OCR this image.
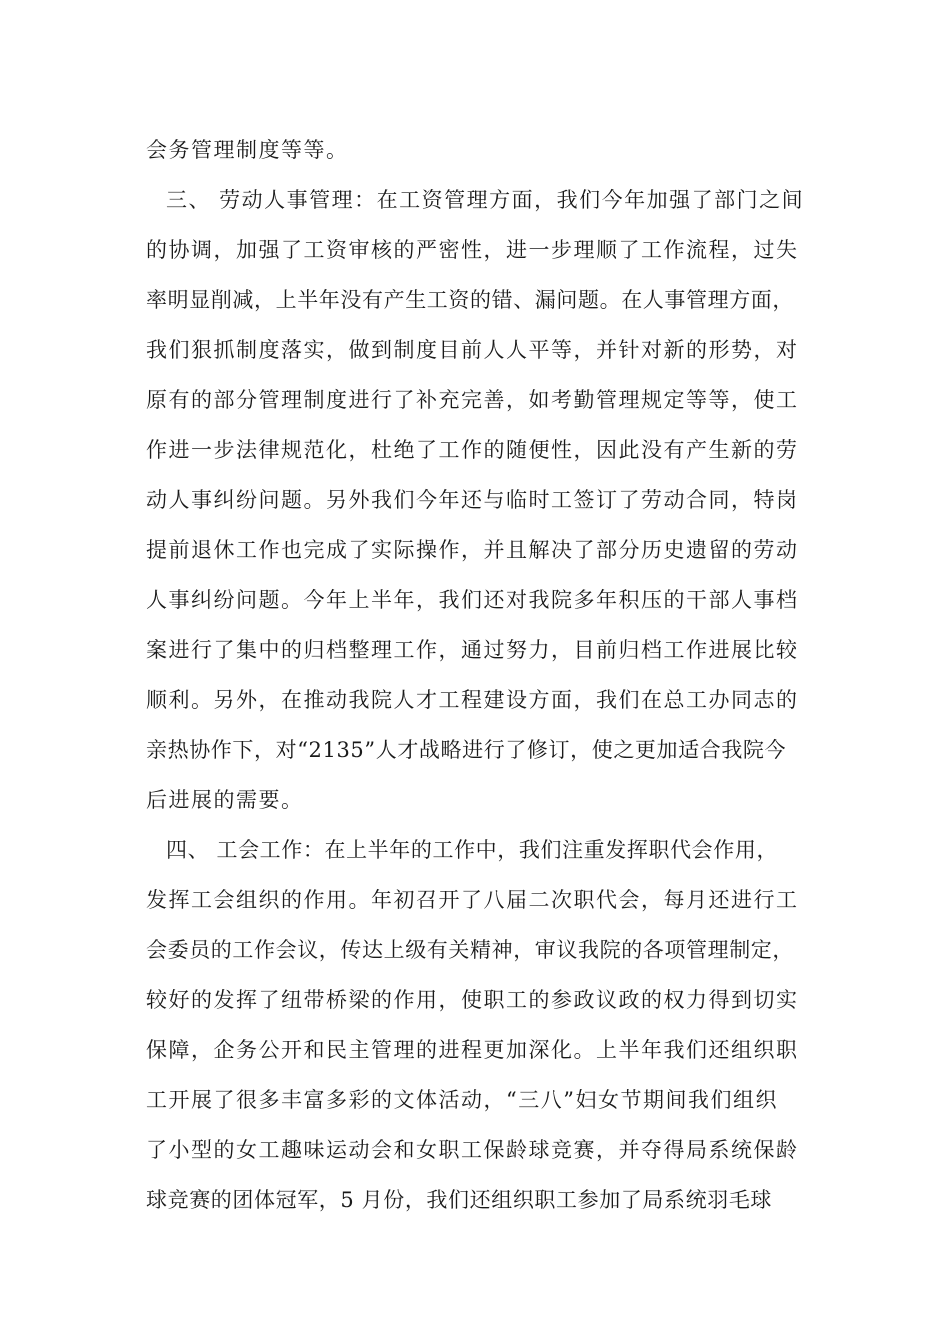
会务管理制度等等。
三、 劳动人事管理：在工资管理方面，我们今年加强了部门之间
的协调，加强了工资审核的严密性，进一步理顺了工作流程，过失
率明显削减，上半年没有产生工资的错、漏问题。在人事管理方面，
我们狠抓制度落实，做到制度目前人人平等，并针对新的形势，对
原有的部分管理制度进行了补充完善，如考勤管理规定等等，使工
作进一步法律规范化，杜绝了工作的随便性，因此没有产生新的劳
动人事纠纷问题。另外我们今年还与临时工签订了劳动合同，特岗
提前退休工作也完成了实际操作，并且解决了部分历史遗留的劳动
人事纠纷问题。今年上半年，我们还对我院多年积压的干部人事档
案进行了集中的归档整理工作，通过努力，目前归档工作进展比较
顺利。另外，在推动我院人才工程建设方面，我们在总工办同志的
亲热协作下，对“2135”人才战略进行了修订，使之更加适合我院今
后进展的需要。
四、 工会工作：在上半年的工作中，我们注重发挥职代会作用，
发挥工会组织的作用。年初召开了八届二次职代会，每月还进行工
会委员的工作会议，传达上级有关精神，审议我院的各项管理制定，
较好的发挥了纽带桥梁的作用，使职工的参政议政的权力得到切实
保障，企务公开和民主管理的进程更加深化。上半年我们还组织职
工开展了很多丰富多彩的文体活动，“三八”妇女节期间我们组织
了小型的女工趣味运动会和女职工保龄球竞赛，并夺得局系统保龄
球竞赛的团体冠军，5 月份，我们还组织职工参加了局系统羽毛球
